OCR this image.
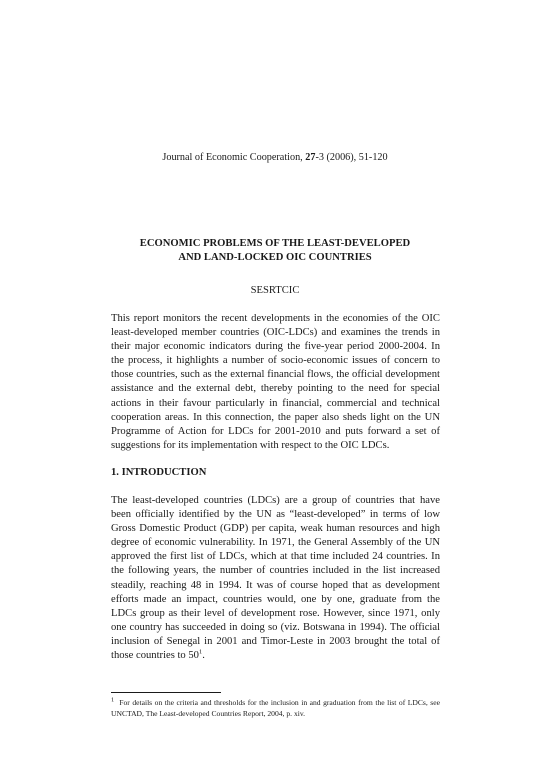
Journal of Economic Cooperation, 27-3 (2006), 51-120
ECONOMIC PROBLEMS OF THE LEAST-DEVELOPED
AND LAND-LOCKED OIC COUNTRIES
SESRTCIC

This report monitors the recent developments in the economies of the OIC least-developed member countries (OIC-LDCs) and examines the trends in their major economic indicators during the five-year period 2000-2004. In the process, it highlights a number of socio-economic issues of concern to those countries, such as the external financial flows, the official development assistance and the external debt, thereby pointing to the need for special actions in their favour particularly in financial, commercial and technical cooperation areas. In this connection, the paper also sheds light on the UN Programme of Action for LDCs for 2001-2010 and puts forward a set of suggestions for its implementation with respect to the OIC LDCs.

1. INTRODUCTION

The least-developed countries (LDCs) are a group of countries that have been officially identified by the UN as “least-developed” in terms of low Gross Domestic Product (GDP) per capita, weak human resources and high degree of economic vulnerability. In 1971, the General Assembly of the UN approved the first list of LDCs, which at that time included 24 countries. In the following years, the number of countries included in the list increased steadily, reaching 48 in 1994. It was of course hoped that as development efforts made an impact, countries would, one by one, graduate from the LDCs group as their level of development rose. However, since 1971, only one country has succeeded in doing so (viz. Botswana in 1994). The official inclusion of Senegal in 2001 and Timor-Leste in 2003 brought the total of those countries to $50^1$.

$^1$ For details on the criteria and thresholds for the inclusion in and graduation from the list of LDCs, see UNCTAD, The Least-developed Countries Report, 2004, p. xiv.
